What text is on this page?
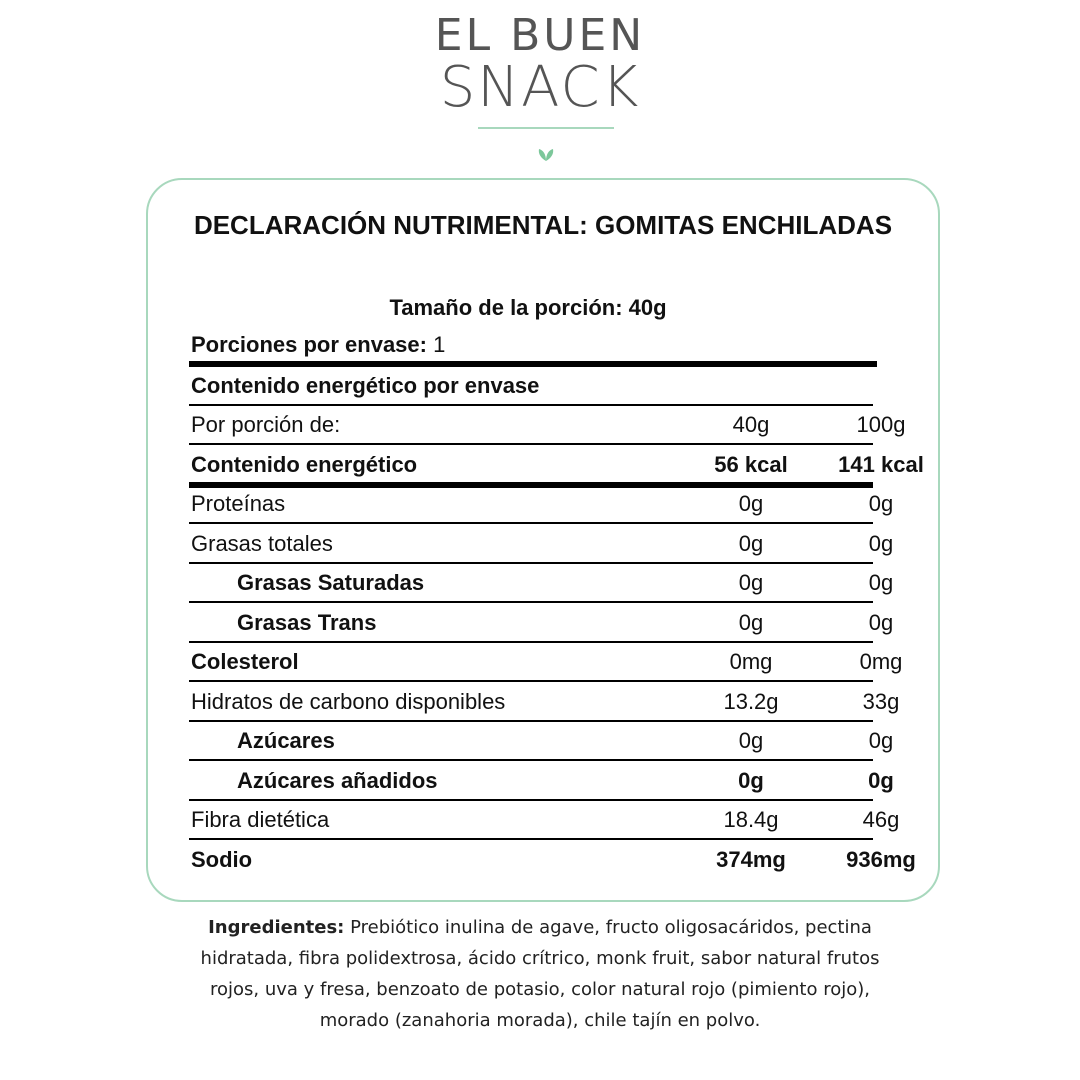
EL BUEN
SNACK
DECLARACIÓN NUTRIMENTAL: GOMITAS ENCHILADAS
Tamaño de la porción: 40g
Porciones por envase: 1
Contenido energético por envase
Por porción de:	40g	100g
Contenido energético	56 kcal	141 kcal
Proteínas	0g	0g
Grasas totales	0g	0g
Grasas Saturadas	0g	0g
Grasas Trans	0g	0g
Colesterol	0mg	0mg
Hidratos de carbono disponibles	13.2g	33g
Azúcares	0g	0g
Azúcares añadidos	0g	0g
Fibra dietética	18.4g	46g
Sodio	374mg	936mg
Ingredientes: Prebiótico inulina de agave, fructo oligosacáridos, pectina hidratada, fibra polidextrosa, ácido crítrico, monk fruit, sabor natural frutos rojos, uva y fresa, benzoato de potasio, color natural rojo (pimiento rojo), morado (zanahoria morada), chile tajín en polvo.
